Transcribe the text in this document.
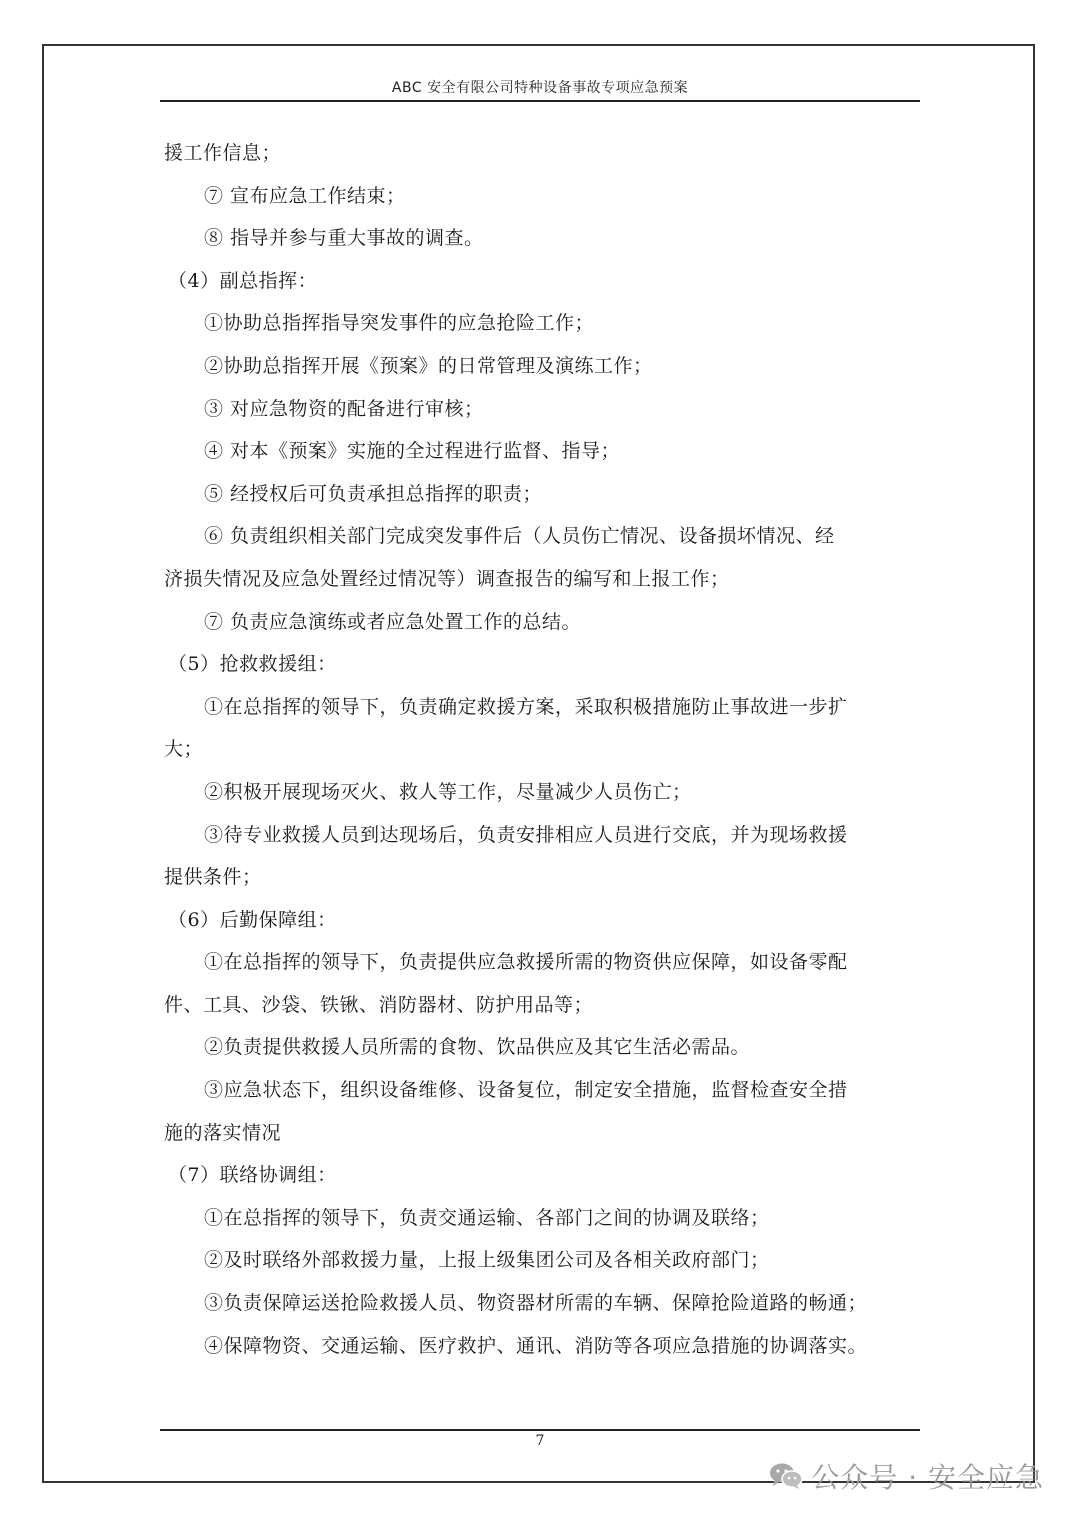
ABC 安全有限公司特种设备事故专项应急预案
援工作信息；
⑦ 宣布应急工作结束；
⑧ 指导并参与重大事故的调查。
（4）副总指挥：
①协助总指挥指导突发事件的应急抢险工作；
②协助总指挥开展《预案》的日常管理及演练工作；
③ 对应急物资的配备进行审核；
④ 对本《预案》实施的全过程进行监督、指导；
⑤ 经授权后可负责承担总指挥的职责；
⑥ 负责组织相关部门完成突发事件后（人员伤亡情况、设备损坏情况、经
济损失情况及应急处置经过情况等）调查报告的编写和上报工作；
⑦ 负责应急演练或者应急处置工作的总结。
（5）抢救救援组：
①在总指挥的领导下，负责确定救援方案，采取积极措施防止事故进一步扩
大；
②积极开展现场灭火、救人等工作，尽量减少人员伤亡；
③待专业救援人员到达现场后，负责安排相应人员进行交底，并为现场救援
提供条件；
（6）后勤保障组：
①在总指挥的领导下，负责提供应急救援所需的物资供应保障，如设备零配
件、工具、沙袋、铁锹、消防器材、防护用品等；
②负责提供救援人员所需的食物、饮品供应及其它生活必需品。
③应急状态下，组织设备维修、设备复位，制定安全措施，监督检查安全措
施的落实情况
（7）联络协调组：
①在总指挥的领导下，负责交通运输、各部门之间的协调及联络；
②及时联络外部救援力量，上报上级集团公司及各相关政府部门；
③负责保障运送抢险救援人员、物资器材所需的车辆、保障抢险道路的畅通；
④保障物资、交通运输、医疗救护、通讯、消防等各项应急措施的协调落实。
7
公众号 · 安全应急
